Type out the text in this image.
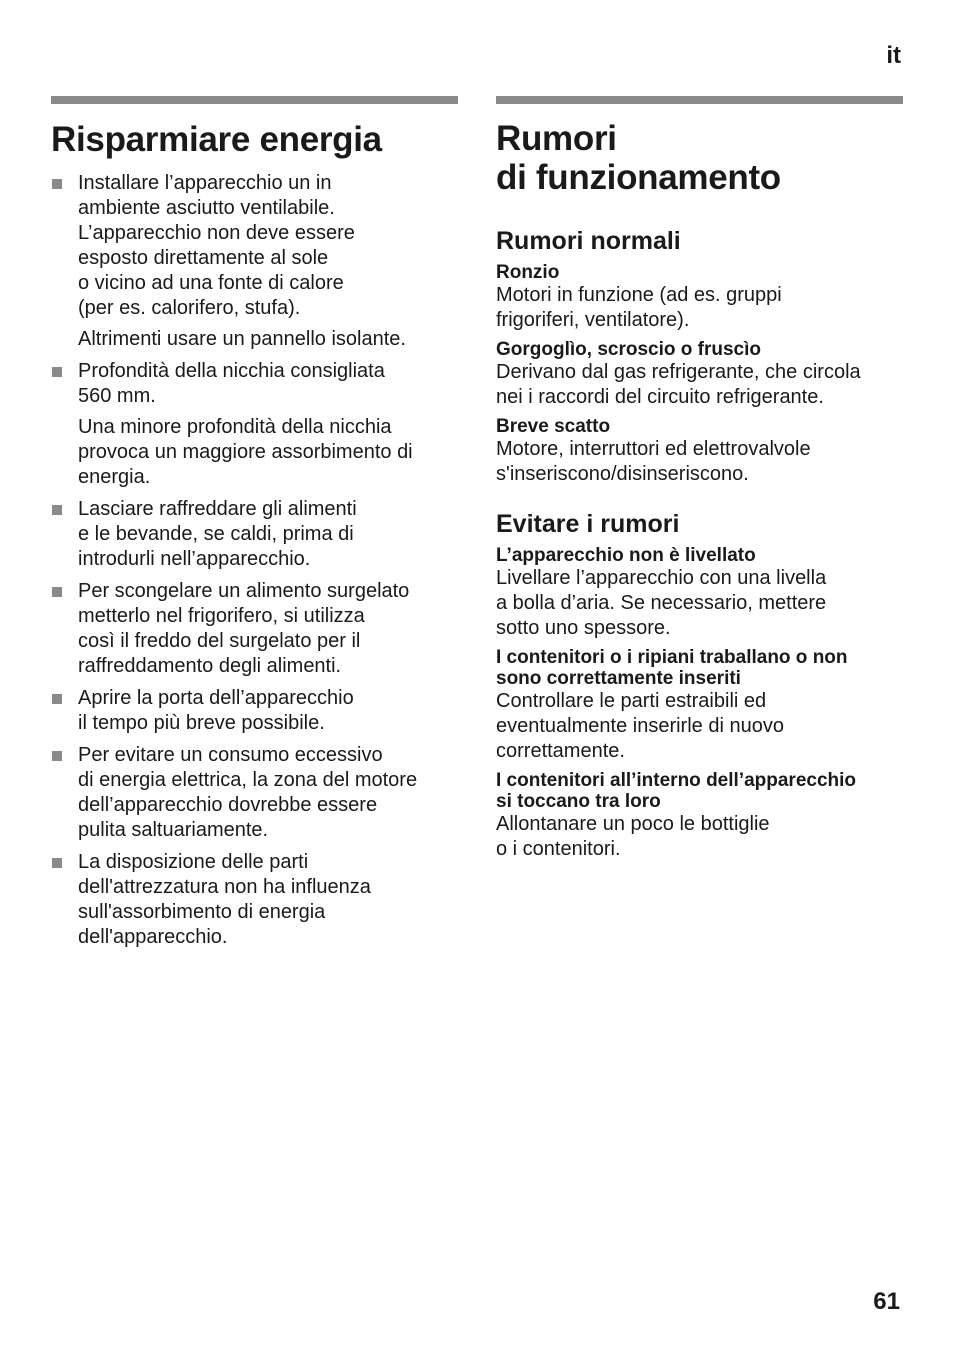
it
Risparmiare energia
Installare l’apparecchio un in
ambiente asciutto ventilabile.
L’apparecchio non deve essere
esposto direttamente al sole
o vicino ad una fonte di calore
(per es. calorifero, stufa).
Altrimenti usare un pannello isolante.
Profondità della nicchia consigliata
560 mm.
Una minore profondità della nicchia
provoca un maggiore assorbimento di
energia.
Lasciare raffreddare gli alimenti
e le bevande, se caldi, prima di
introdurli nell’apparecchio.
Per scongelare un alimento surgelato
metterlo nel frigorifero, si utilizza
così il freddo del surgelato per il
raffreddamento degli alimenti.
Aprire la porta dell’apparecchio
il tempo più breve possibile.
Per evitare un consumo eccessivo
di energia elettrica, la zona del motore
dell’apparecchio dovrebbe essere
pulita saltuariamente.
La disposizione delle parti
dell'attrezzatura non ha influenza
sull'assorbimento di energia
dell'apparecchio.
Rumori
di funzionamento
Rumori normali
Ronzio
Motori in funzione (ad es. gruppi
frigoriferi, ventilatore).
Gorgoglìo, scroscio o fruscìo
Derivano dal gas refrigerante, che circola
nei i raccordi del circuito refrigerante.
Breve scatto
Motore, interruttori ed elettrovalvole
s'inseriscono/disinseriscono.
Evitare i rumori
L’apparecchio non è livellato
Livellare l’apparecchio con una livella
a bolla d’aria. Se necessario, mettere
sotto uno spessore.
I contenitori o i ripiani traballano o non
sono correttamente inseriti
Controllare le parti estraibili ed
eventualmente inserirle di nuovo
correttamente.
I contenitori all’interno dell’apparecchio
si toccano tra loro
Allontanare un poco le bottiglie
o i contenitori.
61
